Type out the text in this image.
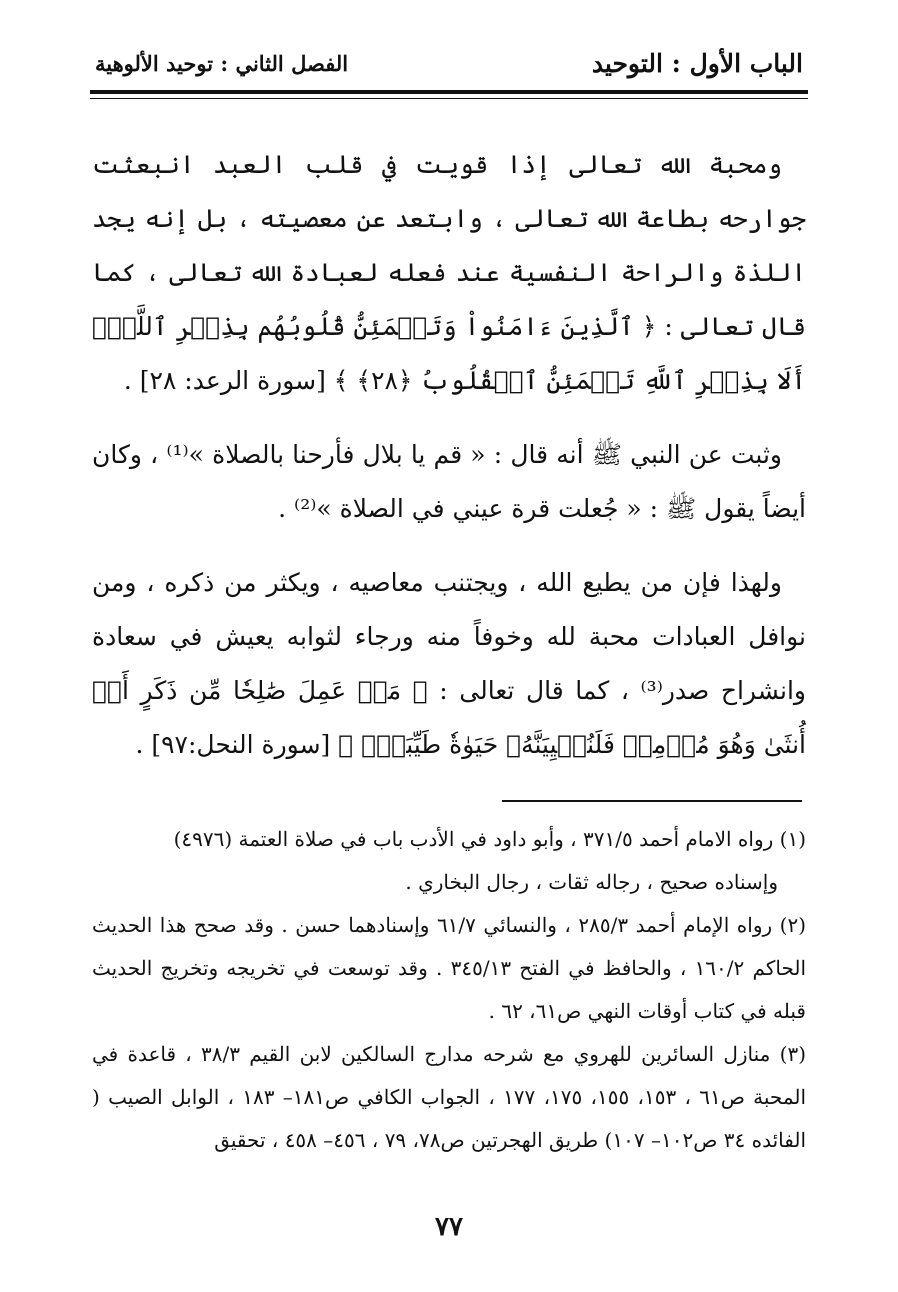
الباب الأول : التوحيد
الفصل الثاني : توحيد الألوهية

ومحبة الله تعالى إذا قويت في قلب العبد انبعثت جوارحه بطاعة الله تعالى ، وابتعد عن معصيته ، بل إنه يجد اللذة والراحة النفسية عند فعله لعبادة الله تعالى ، كما قال تعالى : ﴿ ٱلَّذِينَ ءَامَنُواْ وَتَطۡمَئِنُّ قُلُوبُهُم بِذِكۡرِ ٱللَّهِۗ أَلَا بِذِكۡرِ ٱللَّهِ تَطۡمَئِنُّ ٱلۡقُلُوبُ ﴿٢٨﴾ ﴾ [سورة الرعد: ٢٨] .

وثبت عن النبي ﷺ أنه قال : « قم يا بلال فأرحنا بالصلاة »⁽¹⁾ ، وكان أيضاً يقول ﷺ : « جُعلت قرة عيني في الصلاة »⁽²⁾ .

ولهذا فإن من يطيع الله ، ويجتنب معاصيه ، ويكثر من ذكره ، ومن نوافل العبادات محبة لله وخوفاً منه ورجاء لثوابه يعيش في سعادة وانشراح صدر⁽³⁾ ، كما قال تعالى : ﴿ مَنۡ عَمِلَ صَٰلِحٗا مِّن ذَكَرٍ أَوۡ أُنثَىٰ وَهُوَ مُؤۡمِنٞ فَلَنُحۡيِيَنَّهُۥ حَيَوٰةٗ طَيِّبَةٗۖ ﴾ [سورة النحل:٩٧] .

(١) رواه الامام أحمد ٣٧١/٥ ، وأبو داود في الأدب باب في صلاة العتمة (٤٩٧٦)

وإسناده صحيح ، رجاله ثقات ، رجال البخاري .

(٢) رواه الإمام أحمد ٢٨٥/٣ ، والنسائي ٦١/٧ وإسنادهما حسن . وقد صحح هذا الحديث الحاكم ١٦٠/٢ ، والحافظ في الفتح ٣٤٥/١٣ . وقد توسعت في تخريجه وتخريج الحديث قبله في كتاب أوقات النهي ص٦١، ٦٢ .

(٣) منازل السائرين للهروي مع شرحه مدارج السالكين لابن القيم ٣٨/٣ ، قاعدة في المحبة ص٦١ ، ١٥٣، ١٥٥، ١٧٥، ١٧٧ ، الجواب الكافي ص١٨١– ١٨٣ ، الوابل الصيب ( الفائده ٣٤ ص١٠٢– ١٠٧) طريق الهجرتين ص٧٨، ٧٩ ، ٤٥٦– ٤٥٨ ، تحقيق

٧٧
